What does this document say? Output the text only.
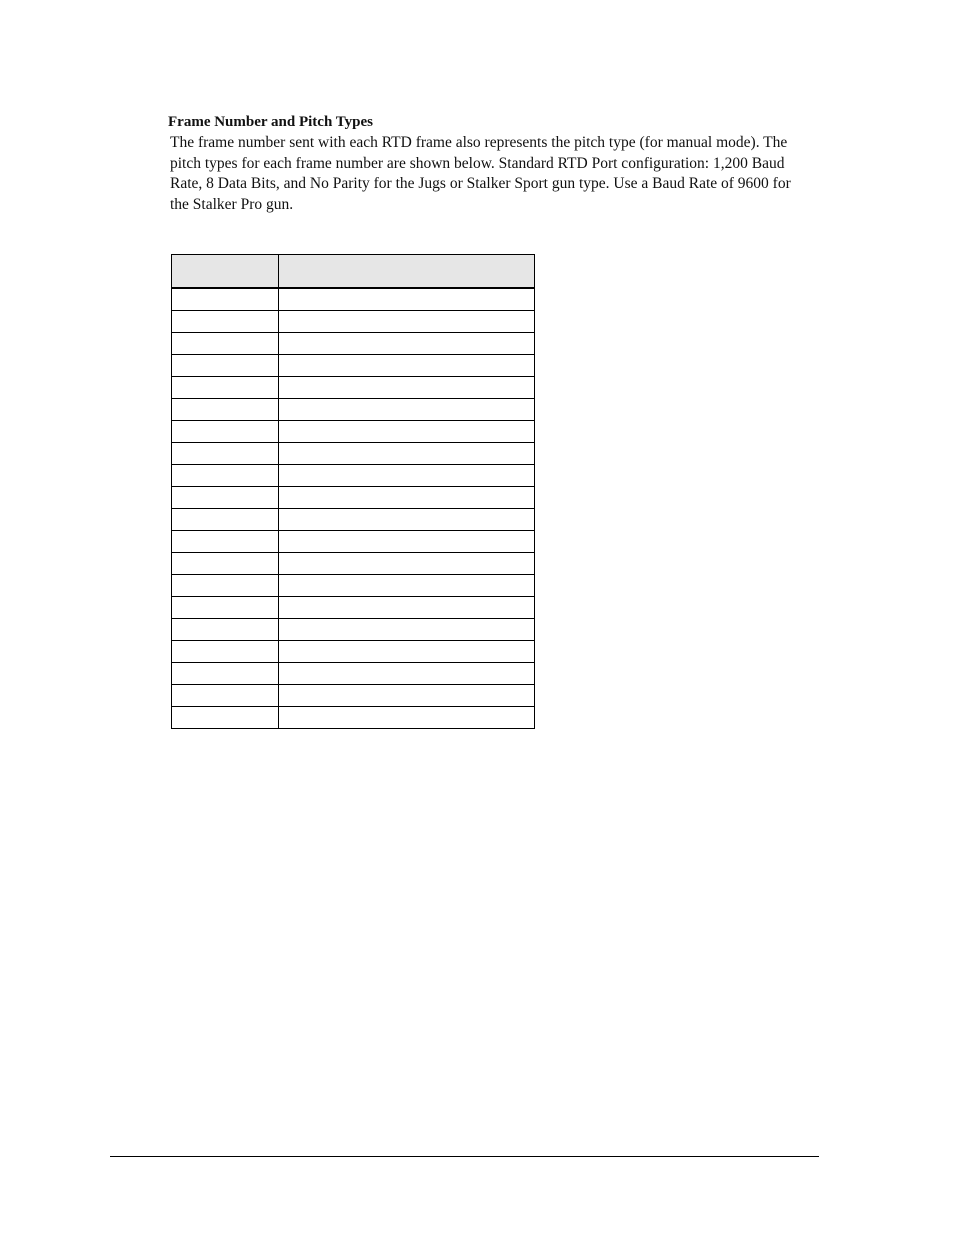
Frame Number and Pitch Types

The frame number sent with each RTD frame also represents the pitch type (for manual mode). The pitch types for each frame number are shown below. Standard RTD Port configuration: 1,200 Baud Rate, 8 Data Bits, and No Parity for the Jugs or Stalker Sport gun type. Use a Baud Rate of 9600 for the Stalker Pro gun.
